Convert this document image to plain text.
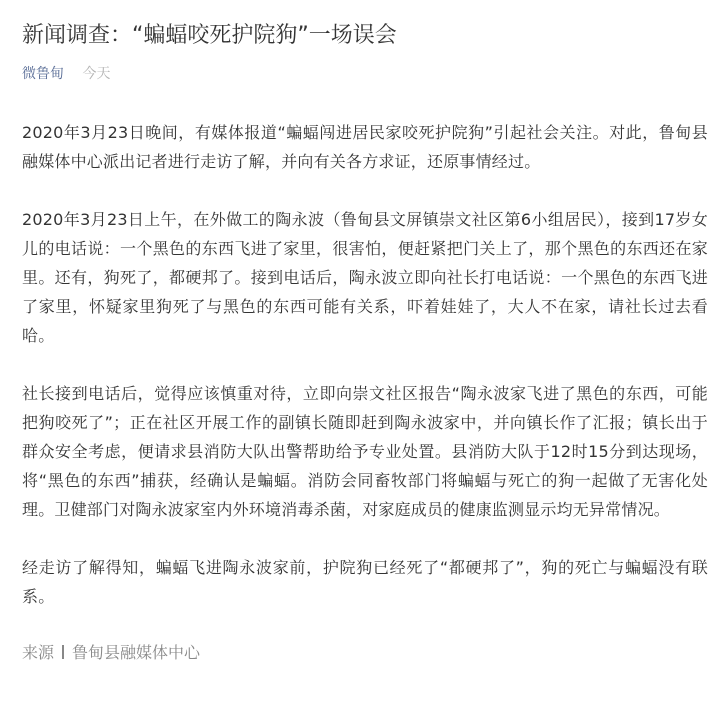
新闻调查：“蝙蝠咬死护院狗”一场误会
微鲁甸 今天

2020年3月23日晚间，有媒体报道“蝙蝠闯进居民家咬死护院狗”引起社会关注。对此，鲁甸县融媒体中心派出记者进行走访了解，并向有关各方求证，还原事情经过。

2020年3月23日上午，在外做工的陶永波（鲁甸县文屏镇崇文社区第6小组居民），接到17岁女儿的电话说：一个黑色的东西飞进了家里，很害怕，便赶紧把门关上了，那个黑色的东西还在家里。还有，狗死了，都硬邦了。接到电话后，陶永波立即向社长打电话说：一个黑色的东西飞进了家里，怀疑家里狗死了与黑色的东西可能有关系，吓着娃娃了，大人不在家，请社长过去看哈。

社长接到电话后，觉得应该慎重对待，立即向崇文社区报告“陶永波家飞进了黑色的东西，可能把狗咬死了”；正在社区开展工作的副镇长随即赶到陶永波家中，并向镇长作了汇报；镇长出于群众安全考虑，便请求县消防大队出警帮助给予专业处置。县消防大队于12时15分到达现场，将“黑色的东西”捕获，经确认是蝙蝠。消防会同畜牧部门将蝙蝠与死亡的狗一起做了无害化处理。卫健部门对陶永波家室内外环境消毒杀菌，对家庭成员的健康监测显示均无异常情况。

经走访了解得知，蝙蝠飞进陶永波家前，护院狗已经死了“都硬邦了”，狗的死亡与蝙蝠没有联系。

来源 鲁甸县融媒体中心
